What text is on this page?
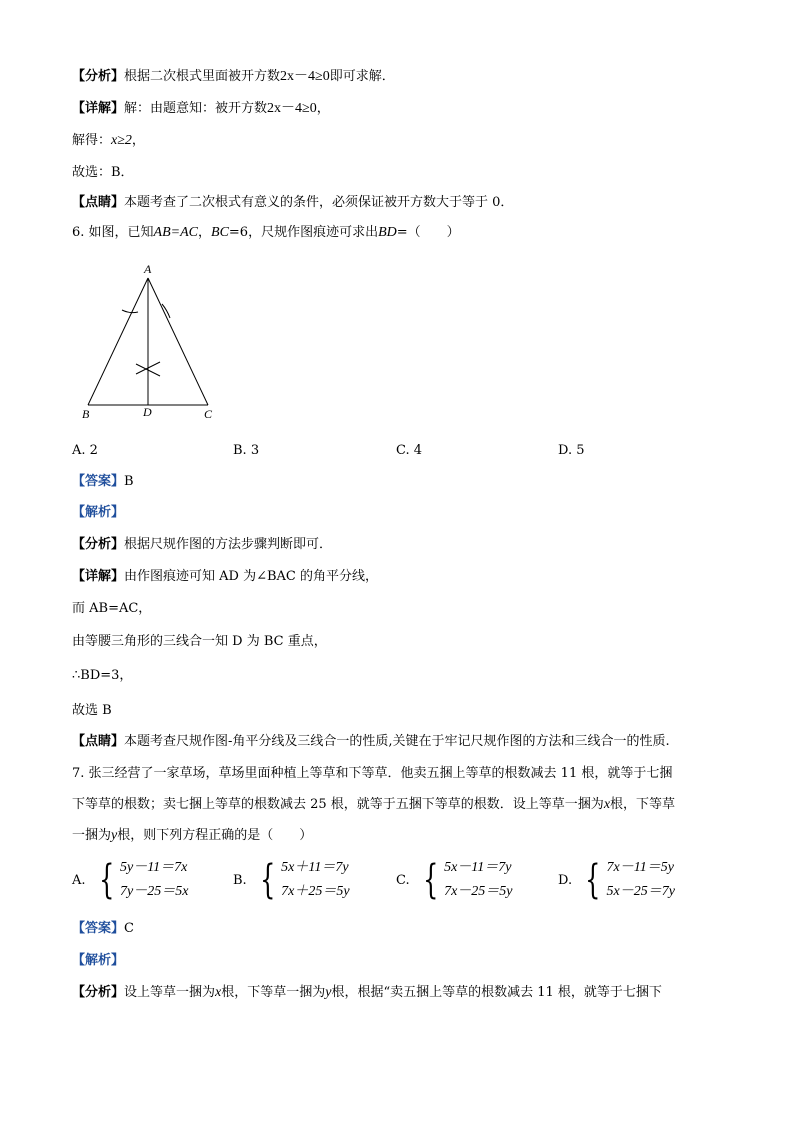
【分析】根据二次根式里面被开方数2x－4≥0即可求解．
【详解】解：由题意知：被开方数2x－4≥0，
解得：x≥2，
故选：B．
【点睛】本题考查了二次根式有意义的条件，必须保证被开方数大于等于 0．
6. 如图，已知AB=AC，BC=6，尺规作图痕迹可求出BD=（　　）
A
B	C
D
A. 2	B. 3	C. 4	D. 5
【答案】B
【解析】
【分析】根据尺规作图的方法步骤判断即可．
【详解】由作图痕迹可知 AD 为∠BAC 的角平分线，
而 AB=AC，
由等腰三角形的三线合一知 D 为 BC 重点，
∴BD=3，
故选 B
【点睛】本题考查尺规作图-角平分线及三线合一的性质,关键在于牢记尺规作图的方法和三线合一的性质.
7. 张三经营了一家草场，草场里面种植上等草和下等草．他卖五捆上等草的根数减去 11 根，就等于七捆
下等草的根数；卖七捆上等草的根数减去 25 根，就等于五捆下等草的根数．设上等草一捆为x根，下等草
一捆为y根，则下列方程正确的是（　　）
A. { 5y－11＝7x
7y－25＝5x
B. { 5x＋11＝7y
7x＋25＝5y
C. { 5x－11＝7y
7x－25＝5y
D. { 7x－11＝5y
5x－25＝7y
【答案】C
【解析】
【分析】设上等草一捆为x根，下等草一捆为y根，根据“卖五捆上等草的根数减去 11 根，就等于七捆下
